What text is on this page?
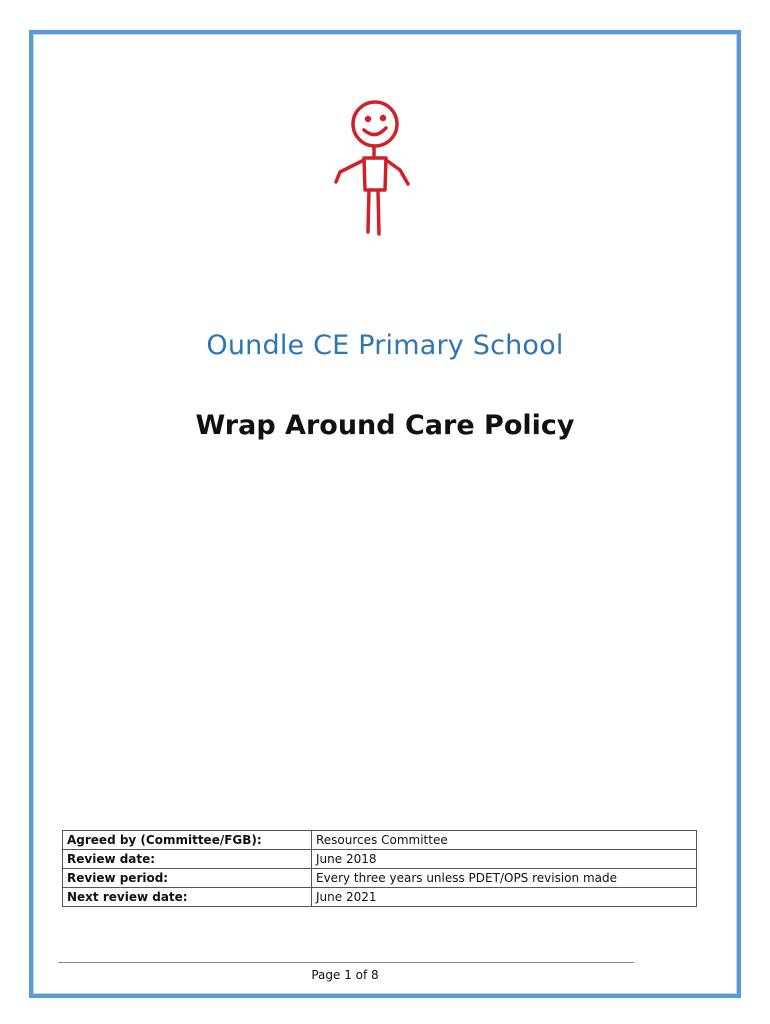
Oundle CE Primary School
Wrap Around Care Policy
Agreed by (Committee/FGB):	Resources Committee
Review date:	June 2018
Review period:	Every three years unless PDET/OPS revision made
Next review date:	June 2021
Page 1 of 8
